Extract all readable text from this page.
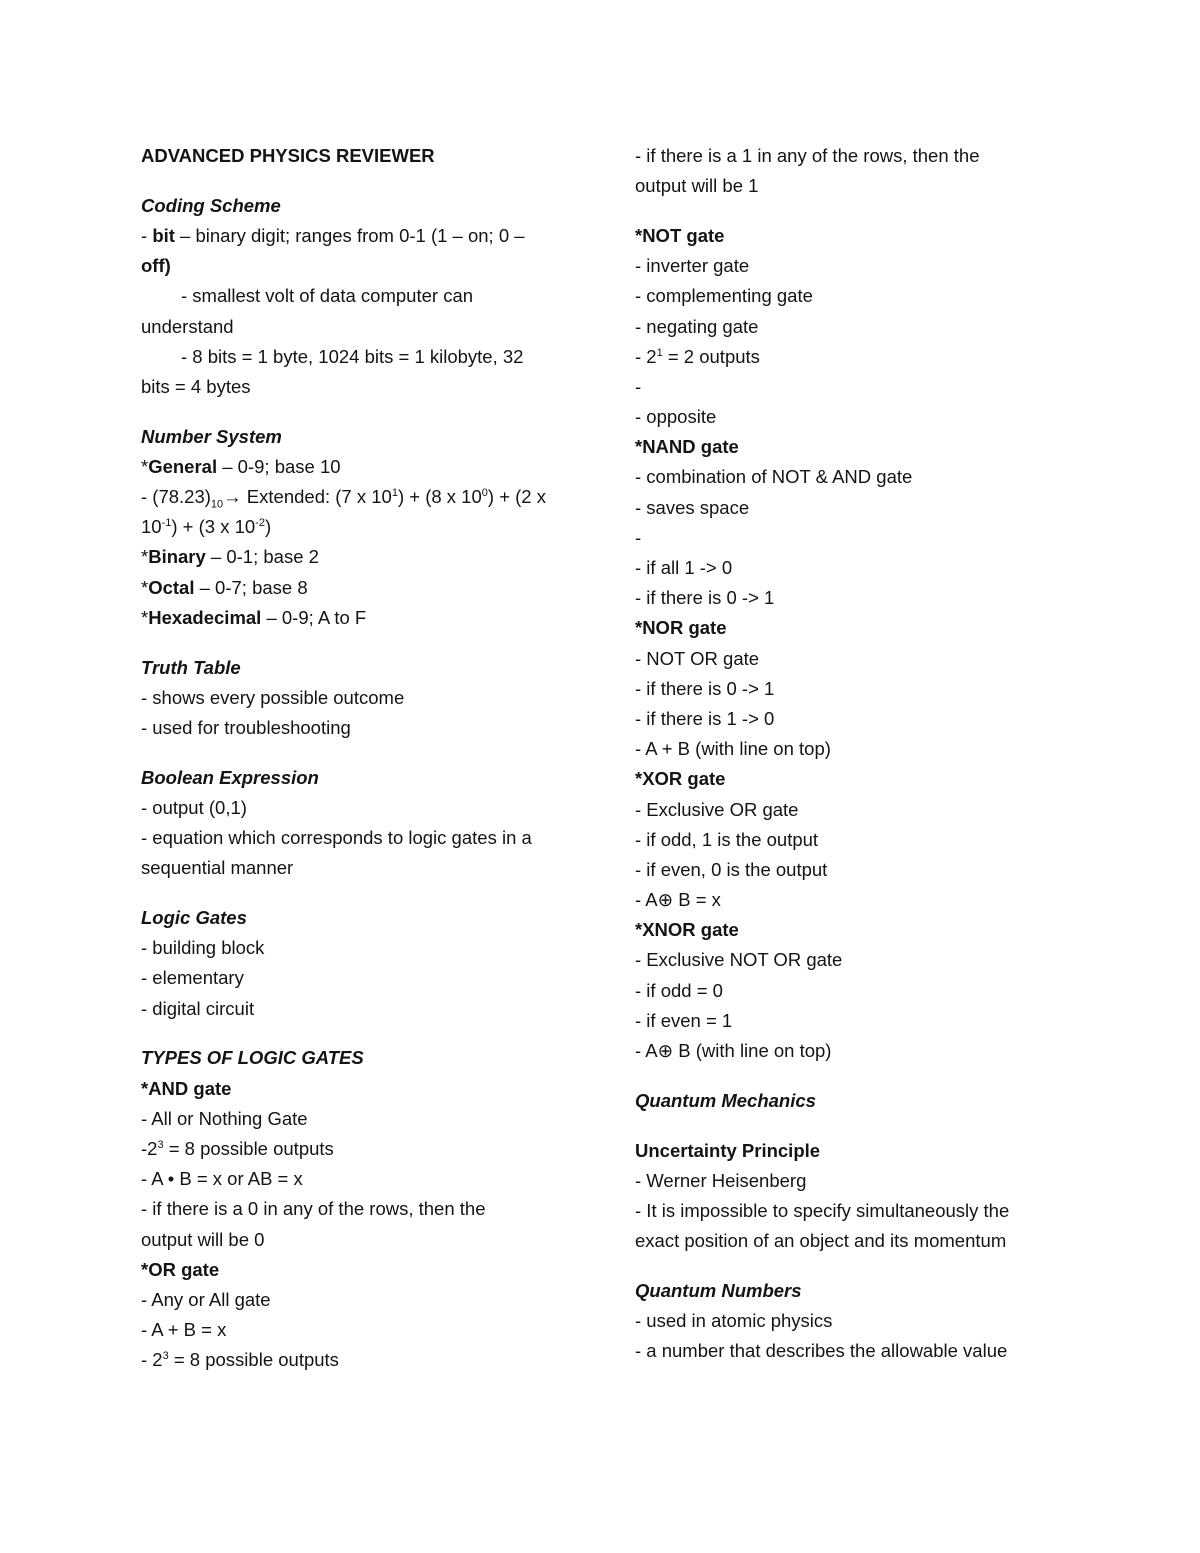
ADVANCED PHYSICS REVIEWER
Coding Scheme
- bit – binary digit; ranges from 0-1 (1 – on; 0 –
off)
- smallest volt of data computer can
understand
- 8 bits = 1 byte, 1024 bits = 1 kilobyte, 32
bits = 4 bytes
Number System
*General – 0-9; base 10
- $(78.23)_{10}\to$ Extended: (7 x $10^1) + (8$ x $10^0) + (2$ x
$10^{-1}) + (3$ x $10^{-2}$)
*Binary – 0-1; base 2
*Octal – 0-7; base 8
*Hexadecimal – 0-9; A to F
Truth Table
- shows every possible outcome
- used for troubleshooting
Boolean Expression
- output (0,1)
- equation which corresponds to logic gates in a
sequential manner
Logic Gates
- building block
- elementary
- digital circuit
TYPES OF LOGIC GATES
*AND gate
- All or Nothing Gate
$-2^3 = 8$ possible outputs
- A • B = x or AB = x
- if there is a 0 in any of the rows, then the
output will be 0
*OR gate
- Any or All gate
- A + B = x
- $2^3 = 8$ possible outputs
- if there is a 1 in any of the rows, then the
output will be 1
*NOT gate
- inverter gate
- complementing gate
- negating gate
- $2^1 = 2$ outputs
-
- opposite
*NAND gate
- combination of NOT & AND gate
- saves space
-
- if all 1 -> 0
- if there is 0 -> 1
*NOR gate
- NOT OR gate
- if there is 0 -> 1
- if there is 1 -> 0
- A + B (with line on top)
*XOR gate
- Exclusive OR gate
- if odd, 1 is the output
- if even, 0 is the output
- A⊕ B = x
*XNOR gate
- Exclusive NOT OR gate
- if odd = 0
- if even = 1
- A⊕ B (with line on top)
Quantum Mechanics
Uncertainty Principle
- Werner Heisenberg
- It is impossible to specify simultaneously the
exact position of an object and its momentum
Quantum Numbers
- used in atomic physics
- a number that describes the allowable value
